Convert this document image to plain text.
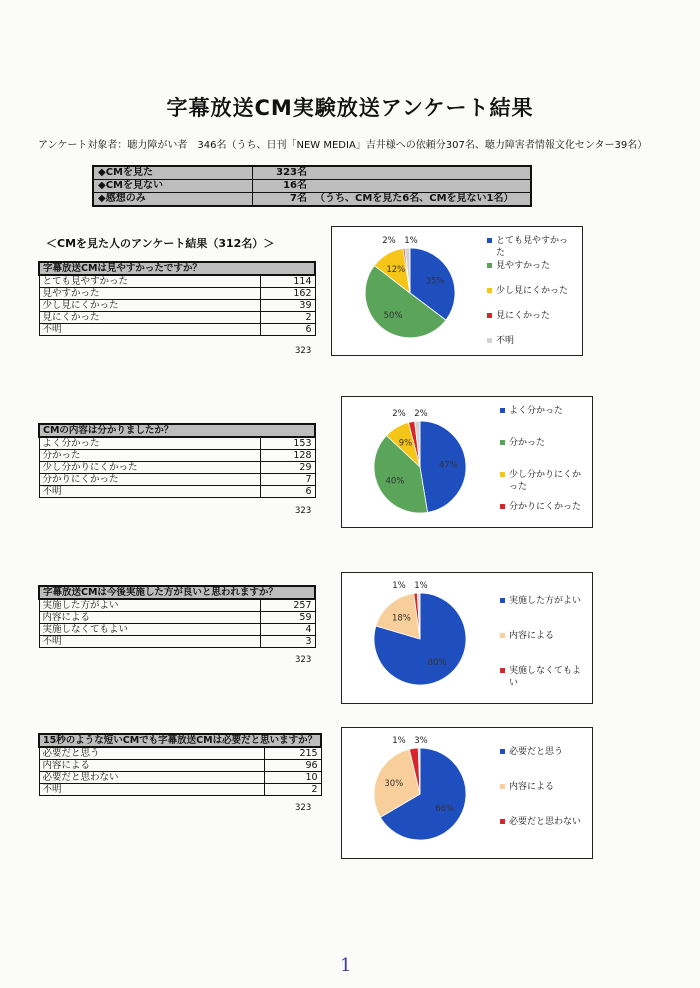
字幕放送CM実験放送アンケート結果
アンケート対象者：聴力障がい者　346名（うち、日刊「NEW MEDIA」吉井様への依頼分307名、聴力障害者情報文化センター39名）
◆CMを見た	323名	
◆CMを見ない	16名	
◆感想のみ	7名	（うち、CMを見た6名、CMを見ない1名）
＜CMを見た人のアンケート結果（312名）＞
字幕放送CMは見やすかったですか？	
とても見やすかった	114
見やすかった	162
少し見にくかった	39
見にくかった	2
不明	6
323
CMの内容は分かりましたか？	
よく分かった	153
分かった	128
少し分かりにくかった	29
分かりにくかった	7
不明	6
323
字幕放送CMは今後実施した方が良いと思われますか？	
実施した方がよい	257
内容による	59
実施しなくてもよい	4
不明	3
323
15秒のような短いCMでも字幕放送CMは必要だと思いますか？	
必要だと思う	215
内容による	96
必要だと思わない	10
不明	2
323
35%
50%
12%
1%
2%	とても見やすかった
見やすかった
少し見にくかった
見にくかった
不明
47%
40%
9%
2%
2%	よく分かった
分かった
少し分かりにくかった
分かりにくかった
80%
18%
1%
1%
実施した方がよい
内容による
実施しなくてもよい
66%
30%
3%
1%
必要だと思う
内容による
必要だと思わない
1
